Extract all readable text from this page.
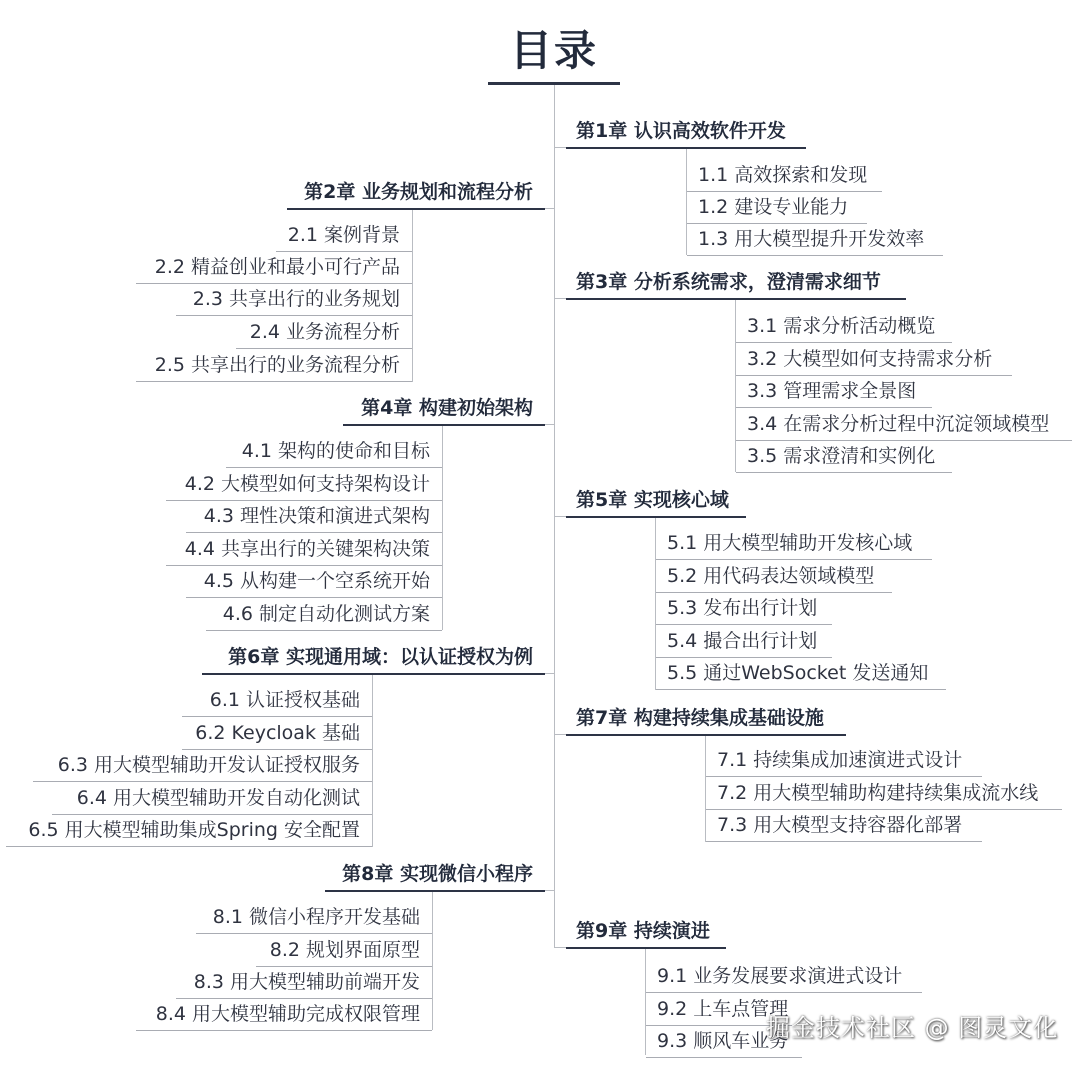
目录
第1章 认识高效软件开发
1.1 高效探索和发现
1.2 建设专业能力
1.3 用大模型提升开发效率
第2章 业务规划和流程分析
2.1 案例背景
2.2 精益创业和最小可行产品
2.3 共享出行的业务规划
2.4 业务流程分析
2.5 共享出行的业务流程分析
第3章 分析系统需求，澄清需求细节
3.1 需求分析活动概览
3.2 大模型如何支持需求分析
3.3 管理需求全景图
3.4 在需求分析过程中沉淀领域模型
3.5 需求澄清和实例化
第4章 构建初始架构
4.1 架构的使命和目标
4.2 大模型如何支持架构设计
4.3 理性决策和演进式架构
4.4 共享出行的关键架构决策
4.5 从构建一个空系统开始
4.6 制定自动化测试方案
第5章 实现核心域
5.1 用大模型辅助开发核心域
5.2 用代码表达领域模型
5.3 发布出行计划
5.4 撮合出行计划
5.5 通过WebSocket 发送通知
第6章 实现通用域：以认证授权为例
6.1 认证授权基础
6.2 Keycloak 基础
6.3 用大模型辅助开发认证授权服务
6.4 用大模型辅助开发自动化测试
6.5 用大模型辅助集成Spring 安全配置
第7章 构建持续集成基础设施
7.1 持续集成加速演进式设计
7.2 用大模型辅助构建持续集成流水线
7.3 用大模型支持容器化部署
第8章 实现微信小程序
8.1 微信小程序开发基础
8.2 规划界面原型
8.3 用大模型辅助前端开发
8.4 用大模型辅助完成权限管理
第9章 持续演进
9.1 业务发展要求演进式设计
9.2 上车点管理
9.3 顺风车业务
掘金技术社区 @ 图灵文化
